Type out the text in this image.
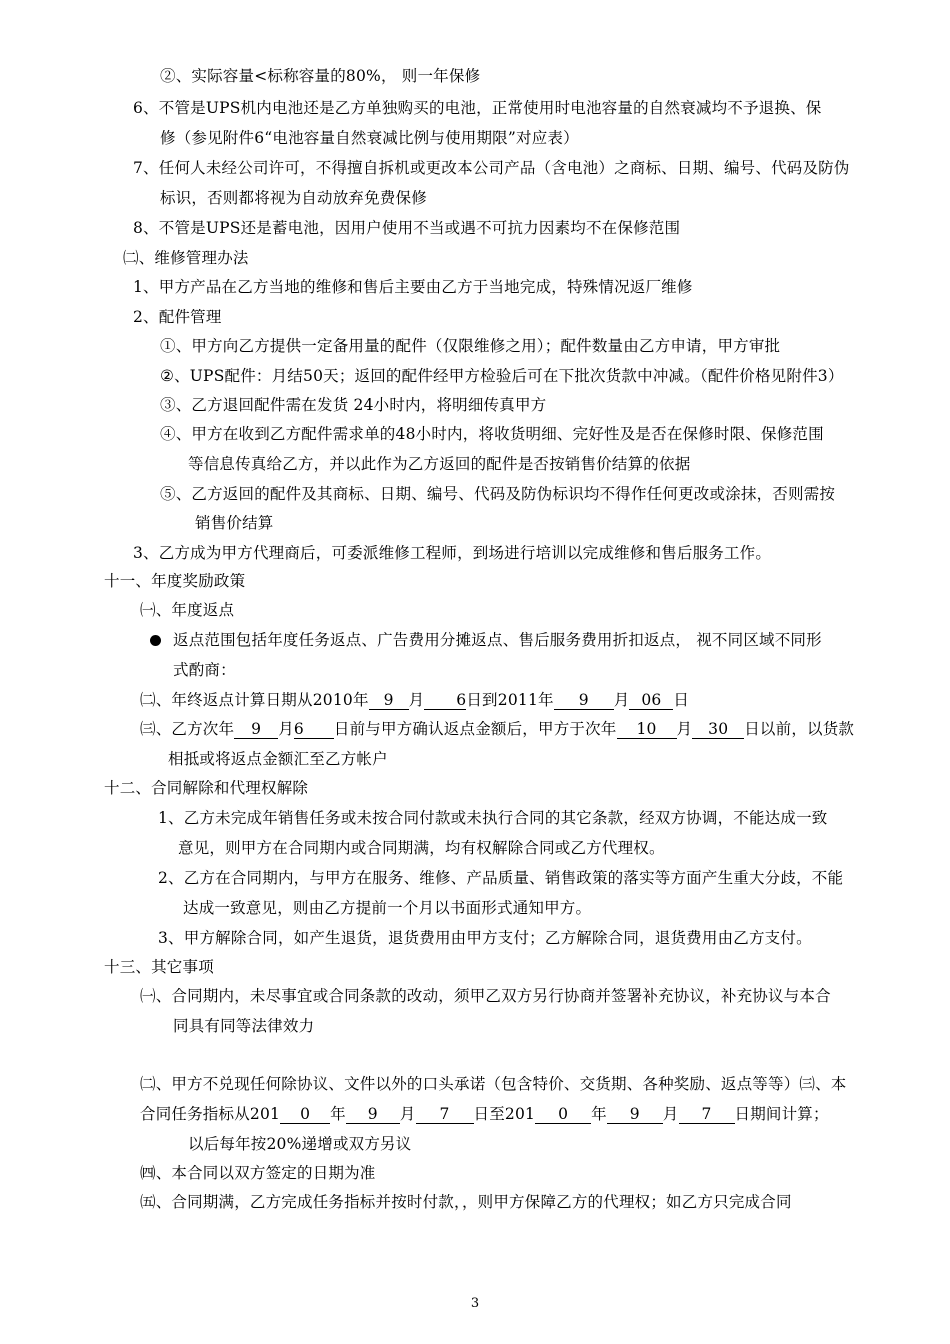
②、实际容量<标称容量的80%， 则一年保修
6、不管是UPS机内电池还是乙方单独购买的电池，正常使用时电池容量的自然衰减均不予退换、保
修（参见附件6“电池容量自然衰减比例与使用期限”对应表）
7、任何人未经公司许可，不得擅自拆机或更改本公司产品（含电池）之商标、日期、编号、代码及防伪
标识，否则都将视为自动放弃免费保修
8、不管是UPS还是蓄电池，因用户使用不当或遇不可抗力因素均不在保修范围
㈡、维修管理办法
1、甲方产品在乙方当地的维修和售后主要由乙方于当地完成，特殊情况返厂维修
2、配件管理
①、甲方向乙方提供一定备用量的配件（仅限维修之用）；配件数量由乙方申请，甲方审批
②、UPS配件：月结50天；返回的配件经甲方检验后可在下批次货款中冲减。（配件价格见附件3）
③、乙方退回配件需在发货 24小时内，将明细传真甲方
④、甲方在收到乙方配件需求单的48小时内，将收货明细、完好性及是否在保修时限、保修范围
等信息传真给乙方，并以此作为乙方返回的配件是否按销售价结算的依据
⑤、乙方返回的配件及其商标、日期、编号、代码及防伪标识均不得作任何更改或涂抹，否则需按
销售价结算
3、乙方成为甲方代理商后，可委派维修工程师，到场进行培训以完成维修和售后服务工作。
十一、年度奖励政策
㈠、年度返点
返点范围包括年度任务返点、广告费用分摊返点、售后服务费用折扣返点， 视不同区域不同形
式酌商：
㈡、年终返点计算日期从2010年 9 月 6日到2011年 9 月 06 日
㈢、乙方次年 9 月6 日前与甲方确认返点金额后，甲方于次年 10 月 30 日以前，以货款
相抵或将返点金额汇至乙方帐户
十二、合同解除和代理权解除
1、乙方未完成年销售任务或未按合同付款或未执行合同的其它条款，经双方协调，不能达成一致
意见，则甲方在合同期内或合同期满，均有权解除合同或乙方代理权。
2、乙方在合同期内，与甲方在服务、维修、产品质量、销售政策的落实等方面产生重大分歧，不能
达成一致意见，则由乙方提前一个月以书面形式通知甲方。
3、甲方解除合同，如产生退货，退货费用由甲方支付；乙方解除合同，退货费用由乙方支付。
十三、其它事项
㈠、合同期内，未尽事宜或合同条款的改动，须甲乙双方另行协商并签署补充协议，补充协议与本合
同具有同等法律效力
㈡、甲方不兑现任何除协议、文件以外的口头承诺（包含特价、交货期、各种奖励、返点等等）㈢、本
合同任务指标从201 0 年 9 月 7 日至201 0 年 9 月 7 日期间计算；
以后每年按20%递增或双方另议
㈣、本合同以双方签定的日期为准
㈤、合同期满，乙方完成任务指标并按时付款，，则甲方保障乙方的代理权；如乙方只完成合同
3
